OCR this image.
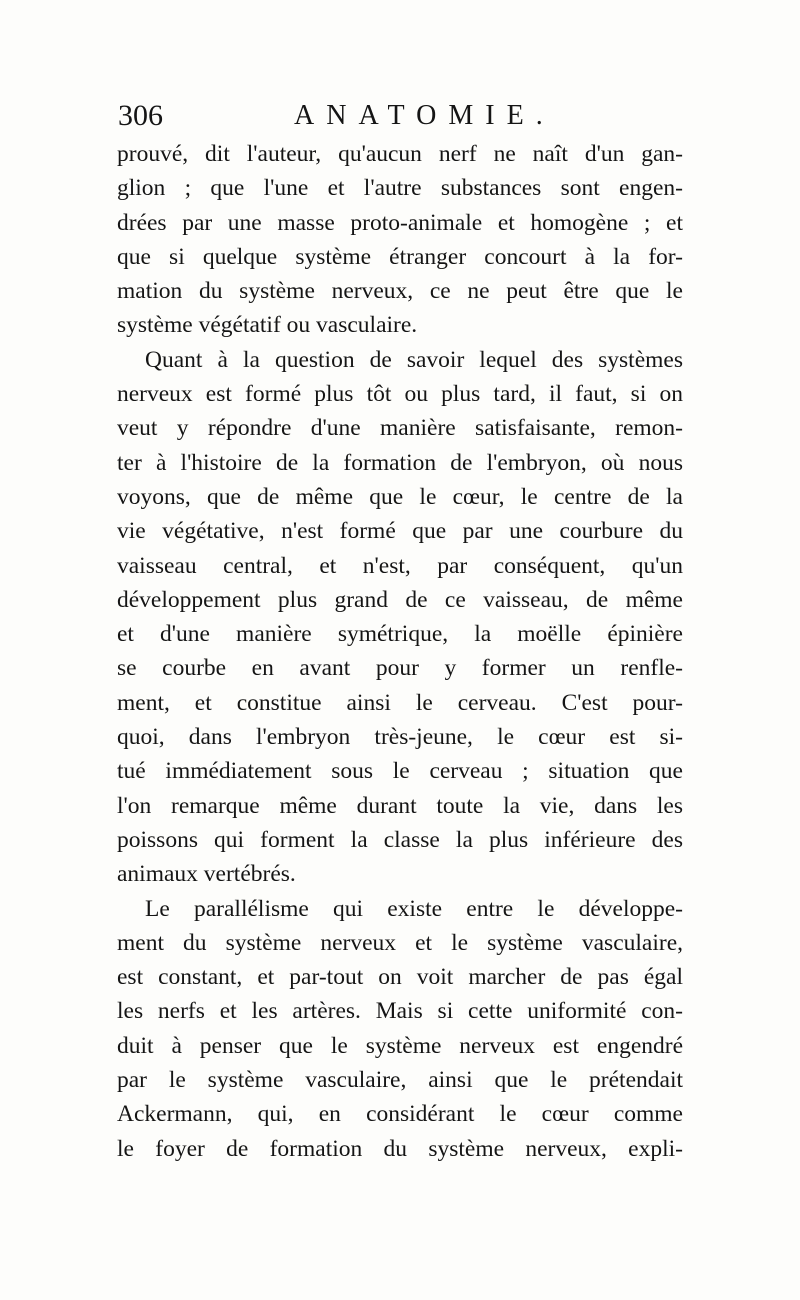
306	ANATOMIE.
prouvé, dit l'auteur, qu'aucun nerf ne naît d'un gan-
glion ; que l'une et l'autre substances sont engen-
drées par une masse proto-animale et homogène ; et
que si quelque système étranger concourt à la for-
mation du système nerveux, ce ne peut être que le
système végétatif ou vasculaire.
Quant à la question de savoir lequel des systèmes
nerveux est formé plus tôt ou plus tard, il faut, si on
veut y répondre d'une manière satisfaisante, remon-
ter à l'histoire de la formation de l'embryon, où nous
voyons, que de même que le cœur, le centre de la
vie végétative, n'est formé que par une courbure du
vaisseau central, et n'est, par conséquent, qu'un
développement plus grand de ce vaisseau, de même
et d'une manière symétrique, la moëlle épinière
se courbe en avant pour y former un renfle-
ment, et constitue ainsi le cerveau. C'est pour-
quoi, dans l'embryon très-jeune, le cœur est si-
tué immédiatement sous le cerveau ; situation que
l'on remarque même durant toute la vie, dans les
poissons qui forment la classe la plus inférieure des
animaux vertébrés.
Le parallélisme qui existe entre le développe-
ment du système nerveux et le système vasculaire,
est constant, et par-tout on voit marcher de pas égal
les nerfs et les artères. Mais si cette uniformité con-
duit à penser que le système nerveux est engendré
par le système vasculaire, ainsi que le prétendait
Ackermann, qui, en considérant le cœur comme
le foyer de formation du système nerveux, expli-
